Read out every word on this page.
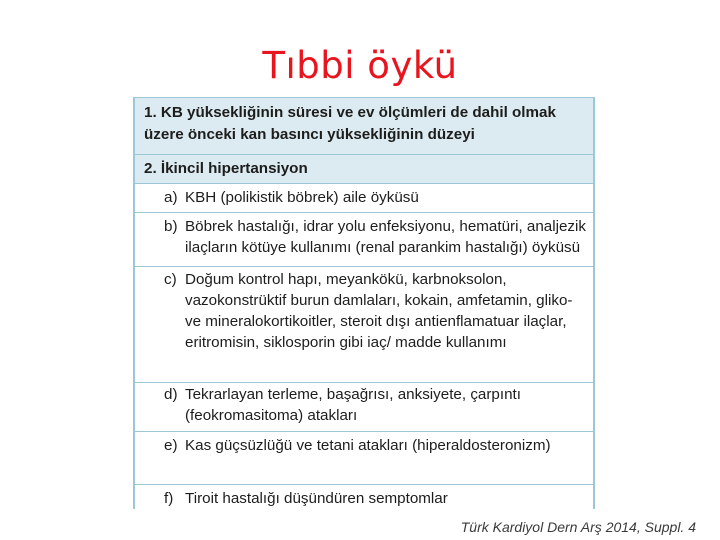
Tıbbi öykü
1. KB yüksekliğinin süresi ve ev ölçümleri de dahil olmak üzere önceki kan basıncı yüksekliğinin düzeyi
2. İkincil hipertansiyon
a) KBH (polikistik böbrek) aile öyküsü
b) Böbrek hastalığı, idrar yolu enfeksiyonu, hematüri, analjezik ilaçların kötüye kullanımı (renal parankim hastalığı) öyküsü
c) Doğum kontrol hapı, meyankökü, karbnoksolon, vazokonstrüktif burun damlaları, kokain, amfetamin, gliko- ve mineralokortikoitler, steroit dışı antienflamatuar ilaçlar, eritromisin, siklosporin gibi iaç/ madde kullanımı
d) Tekrarlayan terleme, başağrısı, anksiyete, çarpıntı (feokromasitoma) atakları
e) Kas güçsüzlüğü ve tetani atakları (hiperaldosteronizm)
f) Tiroit hastalığı düşündüren semptomlar
Türk Kardiyol Dern Arş 2014, Suppl. 4
